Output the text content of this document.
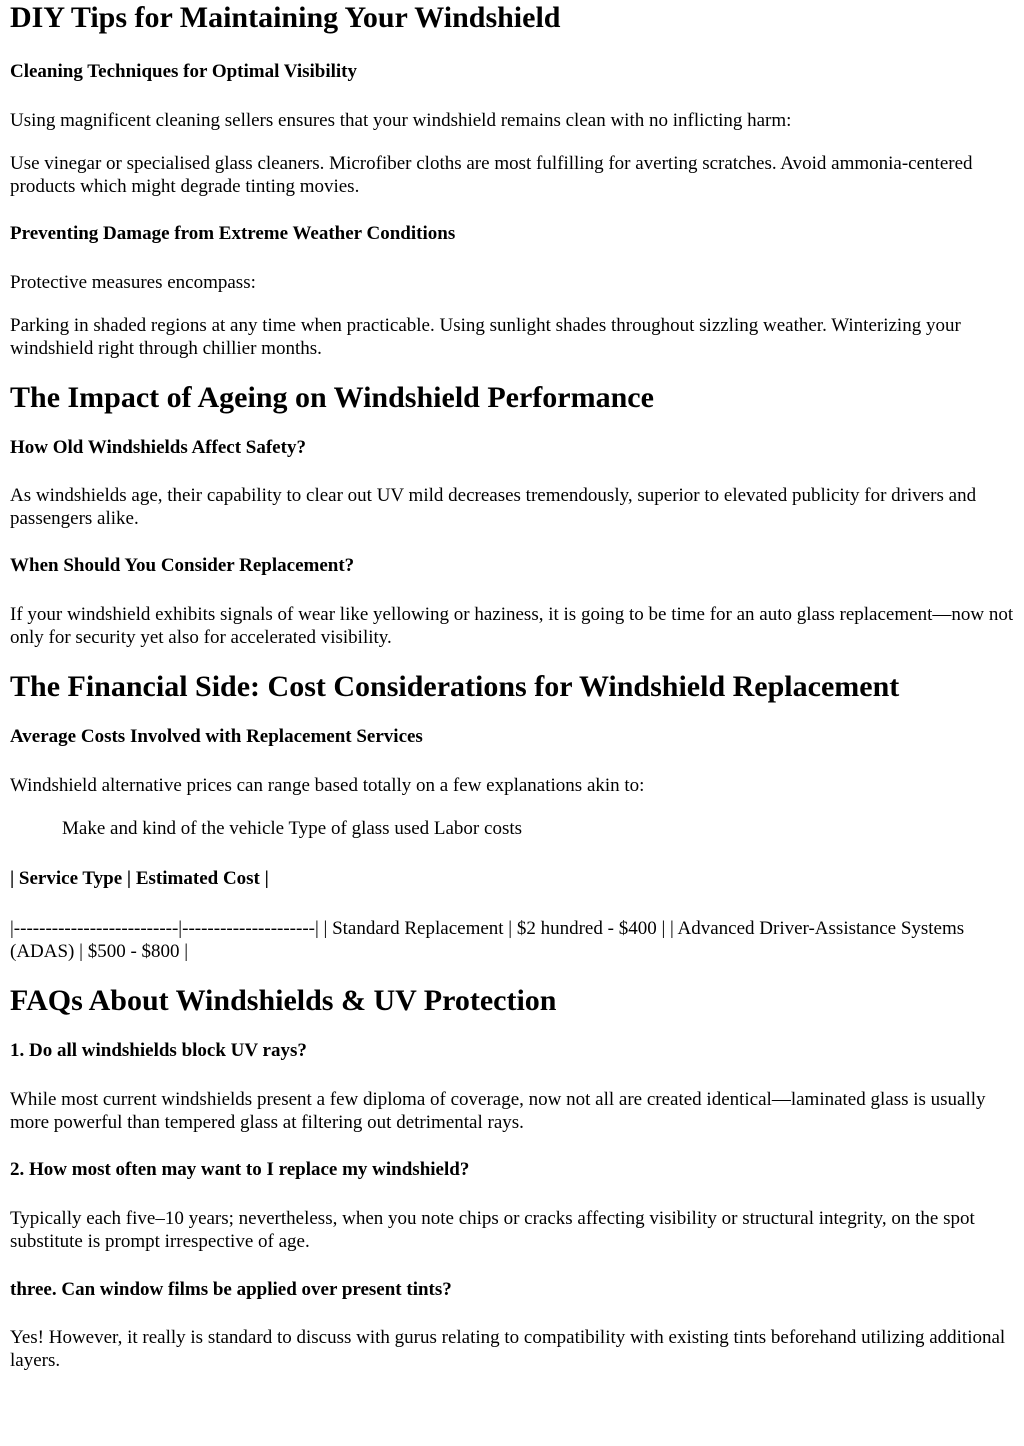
DIY Tips for Maintaining Your Windshield
Cleaning Techniques for Optimal Visibility

Using magnificent cleaning sellers ensures that your windshield remains clean with no inflicting harm:

Use vinegar or specialised glass cleaners. Microfiber cloths are most fulfilling for averting scratches. Avoid ammonia-centered products which might degrade tinting movies.

Preventing Damage from Extreme Weather Conditions

Protective measures encompass:

Parking in shaded regions at any time when practicable. Using sunlight shades throughout sizzling weather. Winterizing your windshield right through chillier months.

The Impact of Ageing on Windshield Performance
How Old Windshields Affect Safety?

As windshields age, their capability to clear out UV mild decreases tremendously, superior to elevated publicity for drivers and passengers alike.

When Should You Consider Replacement?

If your windshield exhibits signals of wear like yellowing or haziness, it is going to be time for an auto glass replacement—now not only for security yet also for accelerated visibility.

The Financial Side: Cost Considerations for Windshield Replacement
Average Costs Involved with Replacement Services

Windshield alternative prices can range based totally on a few explanations akin to:

Make and kind of the vehicle Type of glass used Labor costs

| Service Type | Estimated Cost |

|--------------------------|---------------------| | Standard Replacement | $2 hundred - $400 | | Advanced Driver-Assistance Systems (ADAS) | $500 - $800 |

FAQs About Windshields & UV Protection
1. Do all windshields block UV rays?

While most current windshields present a few diploma of coverage, now not all are created identical—laminated glass is usually more powerful than tempered glass at filtering out detrimental rays.

2. How most often may want to I replace my windshield?

Typically each five–10 years; nevertheless, when you note chips or cracks affecting visibility or structural integrity, on the spot substitute is prompt irrespective of age.

three. Can window films be applied over present tints?

Yes! However, it really is standard to discuss with gurus relating to compatibility with existing tints beforehand utilizing additional layers.
